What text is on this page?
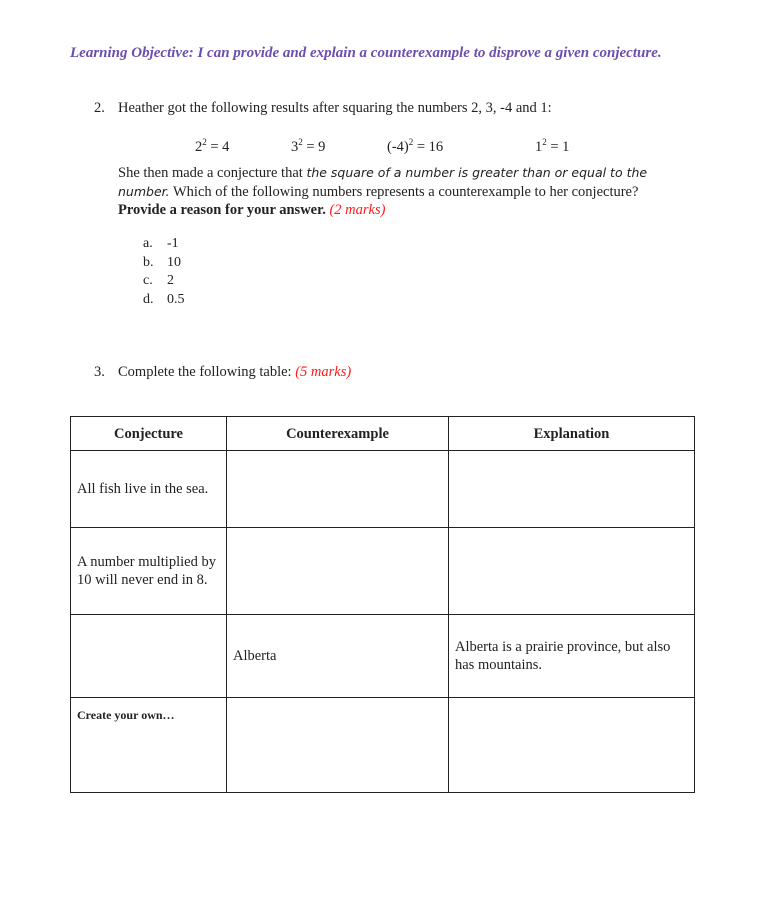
Learning Objective: I can provide and explain a counterexample to disprove a given conjecture.
2. Heather got the following results after squaring the numbers 2, 3, -4 and 1:
$2^2 = 4$	$3^2 = 9$	$(-4)^2 = 16$	$1^2 = 1$
She then made a conjecture that the square of a number is greater than or equal to the number. Which of the following numbers represents a counterexample to her conjecture?
Provide a reason for your answer. (2 marks)
a. -1
b. 10
c. 2
d. 0.5
3. Complete the following table: (5 marks)
Conjecture	Counterexample	Explanation
All fish live in the sea.		
A number multiplied by 10 will never end in 8.		
	Alberta	Alberta is a prairie province, but also has mountains.
Create your own…		
